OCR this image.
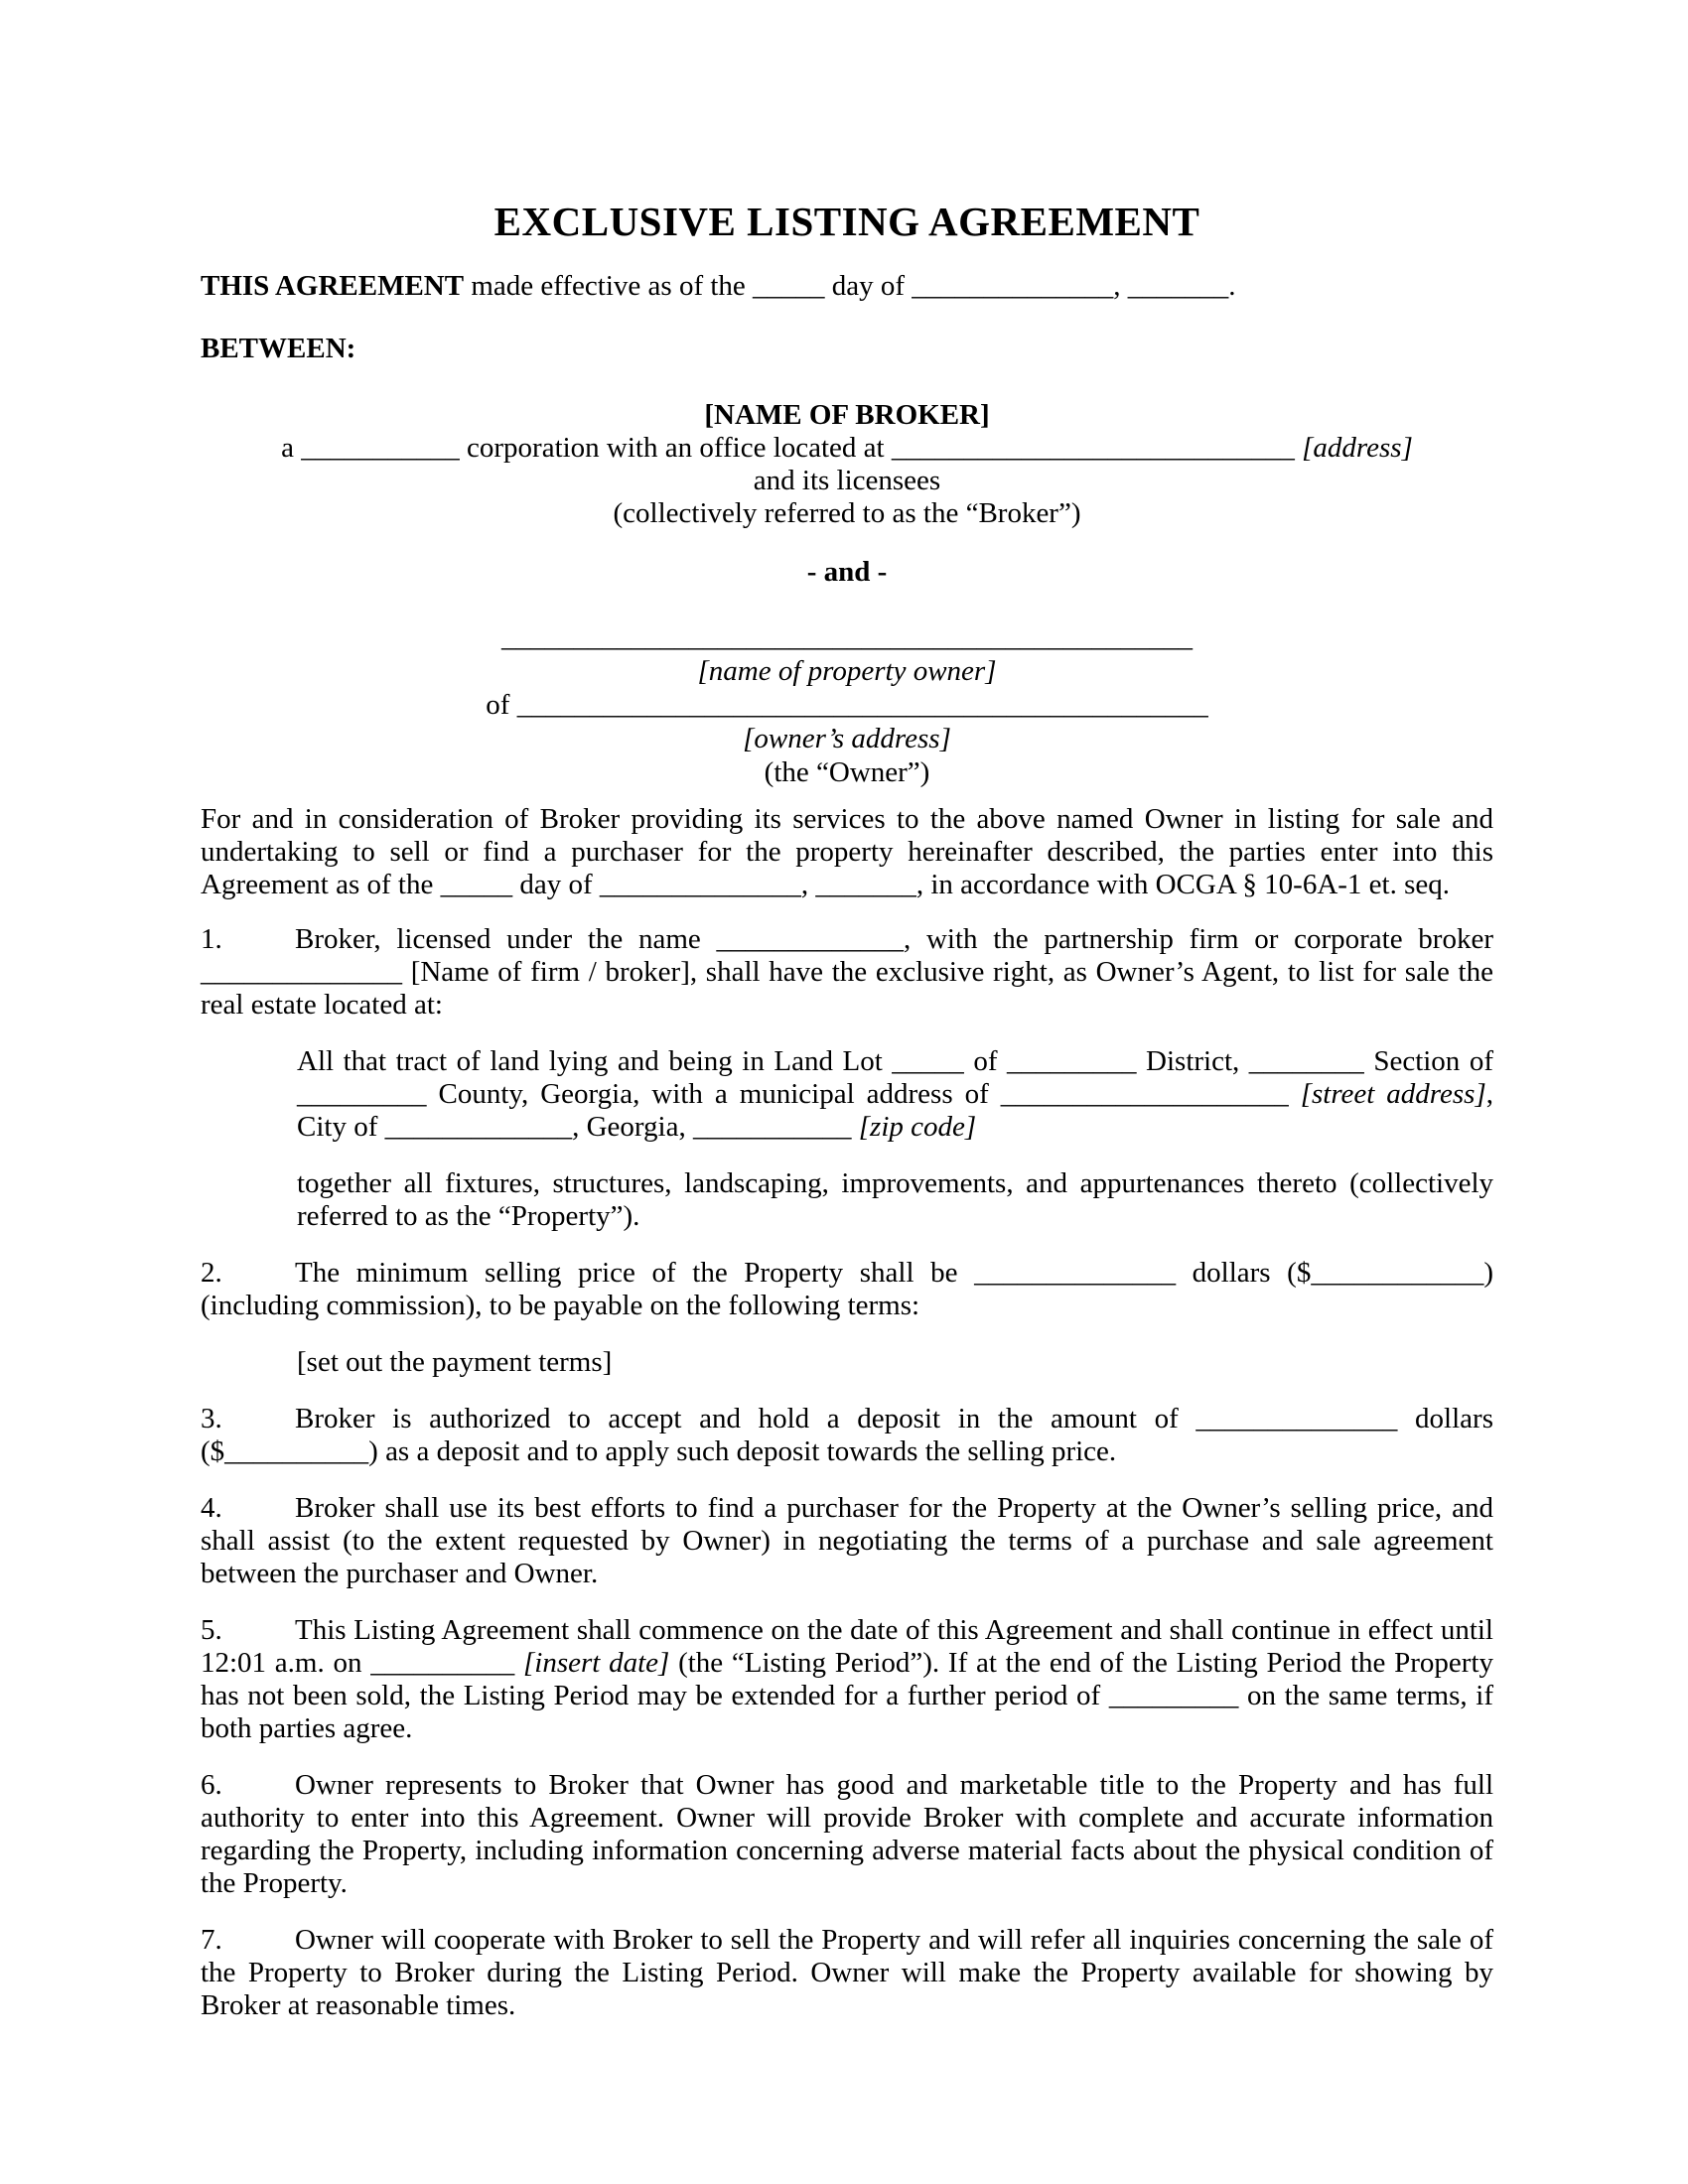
EXCLUSIVE LISTING AGREEMENT

THIS AGREEMENT made effective as of the _____ day of ______________, _______.

BETWEEN:

[NAME OF BROKER]
a ___________ corporation with an office located at ____________________________ [address]
and its licensees
(collectively referred to as the “Broker”)
- and -
________________________________________________
[name of property owner]
of ________________________________________________
[owner’s address]
(the “Owner”)

For and in consideration of Broker providing its services to the above named Owner in listing for sale and undertaking to sell or find a purchaser for the property hereinafter described, the parties enter into this Agreement as of the _____ day of ______________, _______, in accordance with OCGA § 10-6A-1 et. seq.

1.	Broker, licensed under the name _____________, with the partnership firm or corporate broker ______________ [Name of firm / broker], shall have the exclusive right, as Owner’s Agent, to list for sale the real estate located at:

All that tract of land lying and being in Land Lot _____ of _________ District, ________ Section of _________ County, Georgia, with a municipal address of ____________________ [street address], City of _____________, Georgia, ___________ [zip code]

together all fixtures, structures, landscaping, improvements, and appurtenances thereto (collectively referred to as the “Property”).

2.	The minimum selling price of the Property shall be ______________ dollars ($____________) (including commission), to be payable on the following terms:

[set out the payment terms]

3.	Broker is authorized to accept and hold a deposit in the amount of ______________ dollars ($__________) as a deposit and to apply such deposit towards the selling price.

4.	Broker shall use its best efforts to find a purchaser for the Property at the Owner’s selling price, and shall assist (to the extent requested by Owner) in negotiating the terms of a purchase and sale agreement between the purchaser and Owner.

5.	This Listing Agreement shall commence on the date of this Agreement and shall continue in effect until 12:01 a.m. on __________ [insert date] (the “Listing Period”). If at the end of the Listing Period the Property has not been sold, the Listing Period may be extended for a further period of _________ on the same terms, if both parties agree.

6.	Owner represents to Broker that Owner has good and marketable title to the Property and has full authority to enter into this Agreement. Owner will provide Broker with complete and accurate information regarding the Property, including information concerning adverse material facts about the physical condition of the Property.

7.	Owner will cooperate with Broker to sell the Property and will refer all inquiries concerning the sale of the Property to Broker during the Listing Period. Owner will make the Property available for showing by Broker at reasonable times.
